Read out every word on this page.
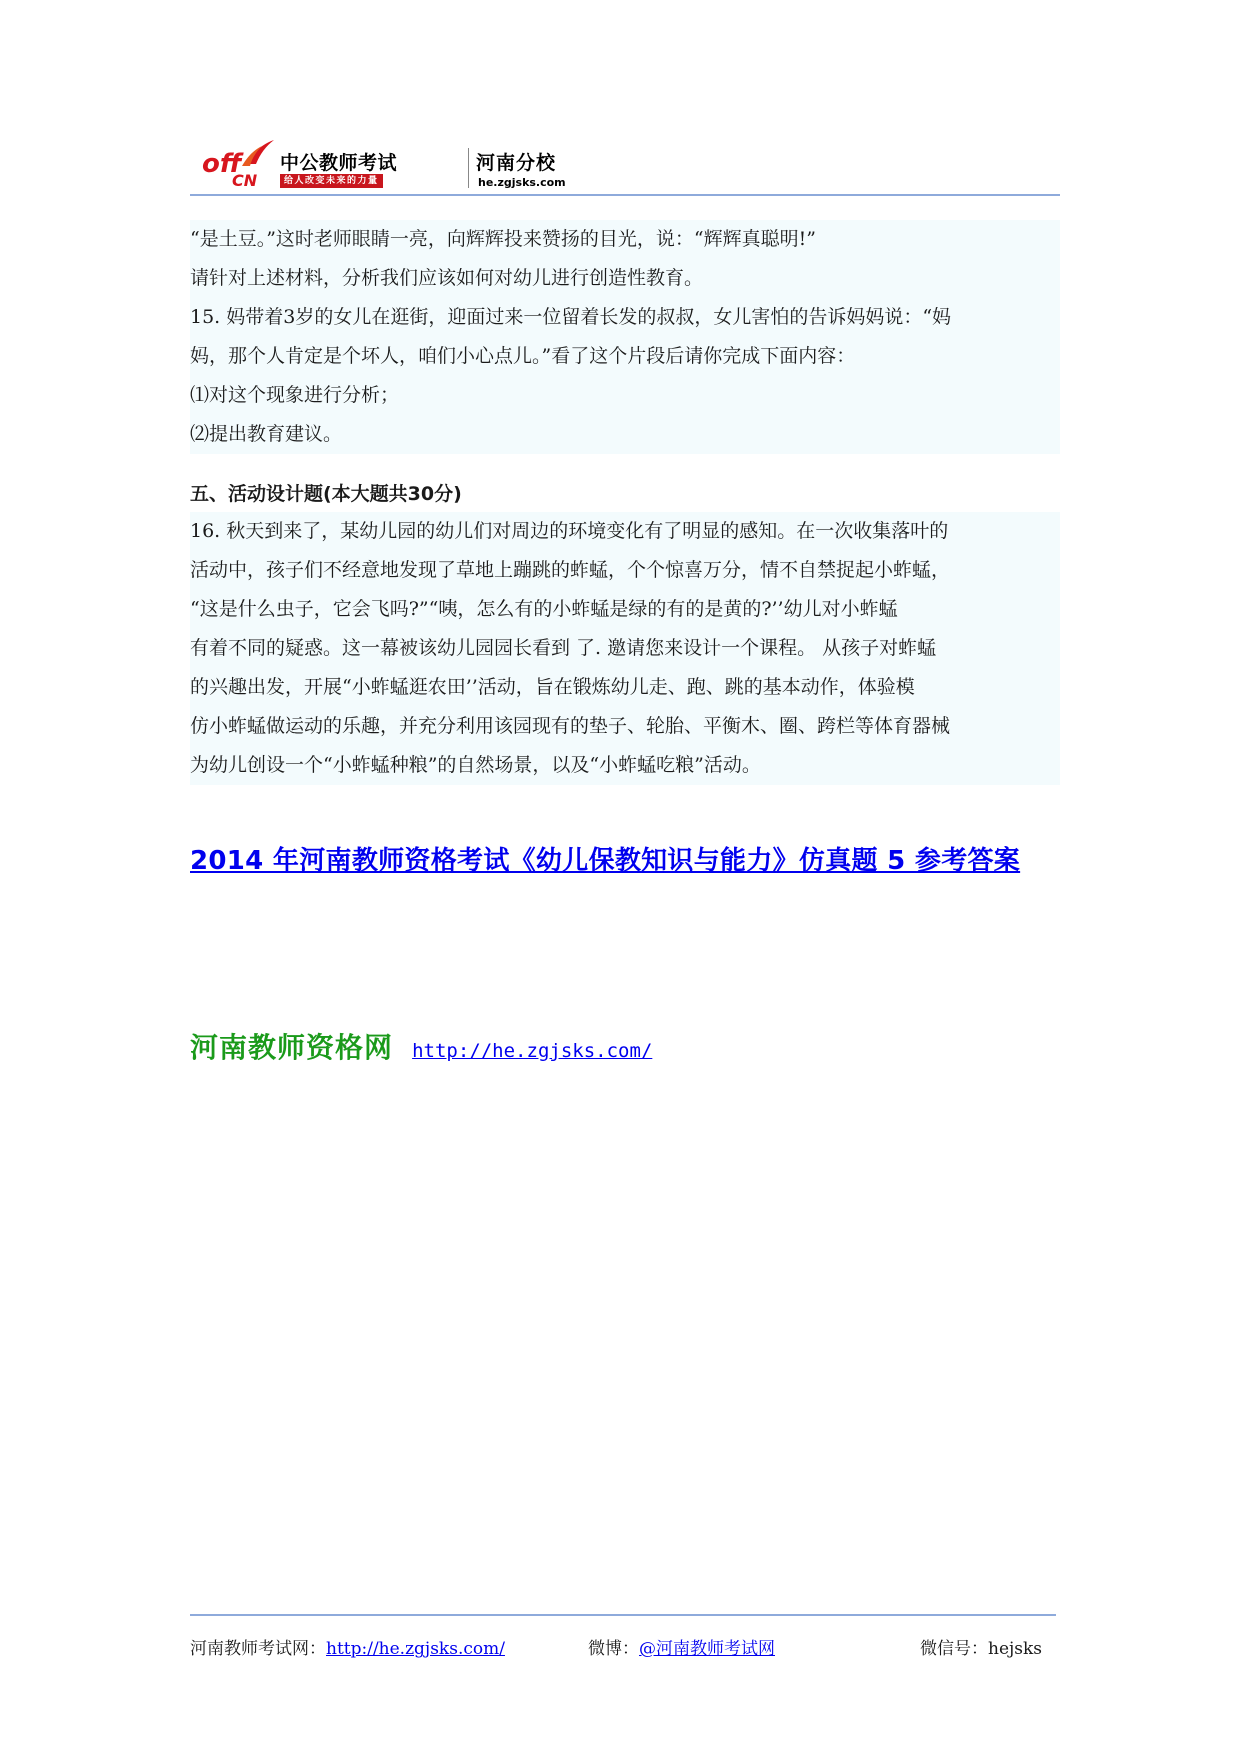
off
CN
中公教师考试
给人改变未来的力量
河南分校
he.zgjsks.com

“是土豆。”这时老师眼睛一亮，向辉辉投来赞扬的目光，说：“辉辉真聪明!”

请针对上述材料，分析我们应该如何对幼儿进行创造性教育。

15. 妈带着3岁的女儿在逛街，迎面过来一位留着长发的叔叔，女儿害怕的告诉妈妈说：“妈

妈，那个人肯定是个坏人，咱们小心点儿。”看了这个片段后请你完成下面内容：

⑴对这个现象进行分析；

⑵提出教育建议。

五、活动设计题(本大题共30分)

16. 秋天到来了，某幼儿园的幼儿们对周边的环境变化有了明显的感知。在一次收集落叶的

活动中，孩子们不经意地发现了草地上蹦跳的蚱蜢，个个惊喜万分，情不自禁捉起小蚱蜢，

“这是什么虫子，它会飞吗?”“咦，怎么有的小蚱蜢是绿的有的是黄的?’’幼儿对小蚱蜢

有着不同的疑惑。这一幕被该幼儿园园长看到 了. 邀请您来设计一个课程。 从孩子对蚱蜢

的兴趣出发，开展“小蚱蜢逛农田’’活动，旨在锻炼幼儿走、跑、跳的基本动作，体验模

仿小蚱蜢做运动的乐趣，并充分利用该园现有的垫子、轮胎、平衡木、圈、跨栏等体育器械

为幼儿创设一个“小蚱蜢种粮”的自然场景，以及“小蚱蜢吃粮”活动。

2014 年河南教师资格考试《幼儿保教知识与能力》仿真题 5 参考答案
河南教师资格网 http://he.zgjsks.com/
河南教师考试网：http://he.zgjsks.com/	微博：@河南教师考试网	微信号：hejsks
